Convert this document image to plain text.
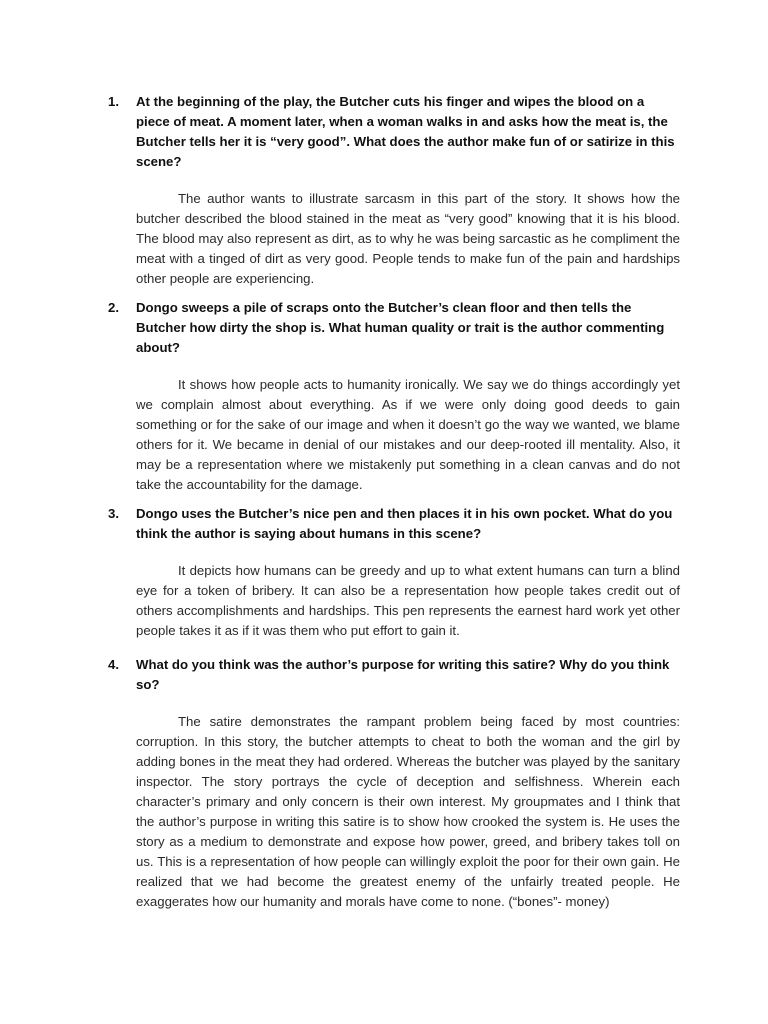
1. At the beginning of the play, the Butcher cuts his finger and wipes the blood on a piece of meat. A moment later, when a woman walks in and asks how the meat is, the Butcher tells her it is “very good”. What does the author make fun of or satirize in this scene?
The author wants to illustrate sarcasm in this part of the story. It shows how the butcher described the blood stained in the meat as “very good” knowing that it is his blood. The blood may also represent as dirt, as to why he was being sarcastic as he compliment the meat with a tinged of dirt as very good. People tends to make fun of the pain and hardships other people are experiencing.
2. Dongo sweeps a pile of scraps onto the Butcher’s clean floor and then tells the Butcher how dirty the shop is. What human quality or trait is the author commenting about?
It shows how people acts to humanity ironically. We say we do things accordingly yet we complain almost about everything. As if we were only doing good deeds to gain something or for the sake of our image and when it doesn’t go the way we wanted, we blame others for it. We became in denial of our mistakes and our deep-rooted ill mentality. Also, it may be a representation where we mistakenly put something in a clean canvas and do not take the accountability for the damage.
3. Dongo uses the Butcher’s nice pen and then places it in his own pocket. What do you think the author is saying about humans in this scene?
It depicts how humans can be greedy and up to what extent humans can turn a blind eye for a token of bribery. It can also be a representation how people takes credit out of others accomplishments and hardships. This pen represents the earnest hard work yet other people takes it as if it was them who put effort to gain it.
4. What do you think was the author’s purpose for writing this satire? Why do you think so?
The satire demonstrates the rampant problem being faced by most countries: corruption. In this story, the butcher attempts to cheat to both the woman and the girl by adding bones in the meat they had ordered. Whereas the butcher was played by the sanitary inspector. The story portrays the cycle of deception and selfishness. Wherein each character’s primary and only concern is their own interest. My groupmates and I think that the author’s purpose in writing this satire is to show how crooked the system is. He uses the story as a medium to demonstrate and expose how power, greed, and bribery takes toll on us. This is a representation of how people can willingly exploit the poor for their own gain. He realized that we had become the greatest enemy of the unfairly treated people. He exaggerates how our humanity and morals have come to none. (“bones”- money)
